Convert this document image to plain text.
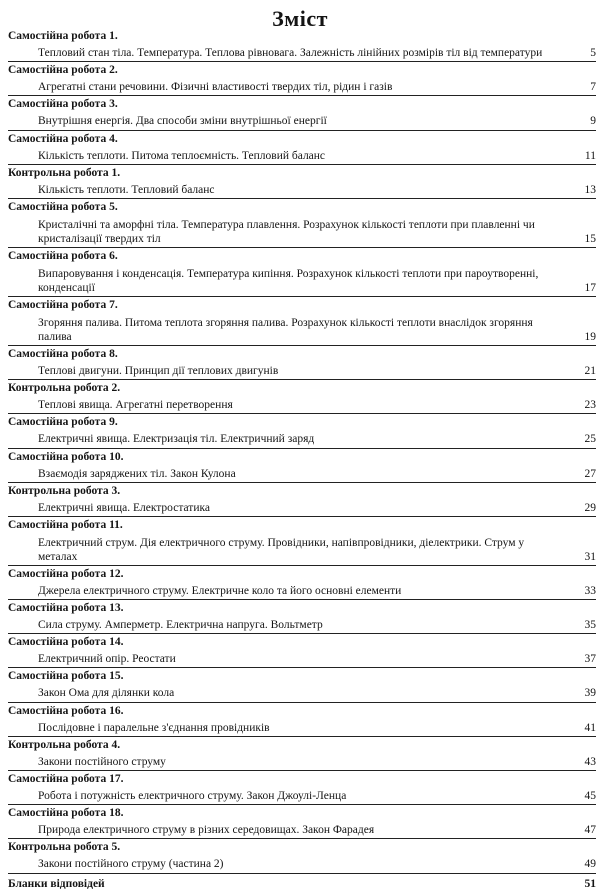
Зміст
Самостійна робота 1.
Тепловий стан тіла. Температура. Теплова рівновага. Залежність лінійних розмірів тіл від температури	5
Самостійна робота 2.
Агрегатні стани речовини. Фізичні властивості твердих тіл, рідин і газів	7
Самостійна робота 3.
Внутрішня енергія. Два способи зміни внутрішньої енергії	9
Самостійна робота 4.
Кількість теплоти. Питома теплоємність. Тепловий баланс	11
Контрольна робота 1.
Кількість теплоти. Тепловий баланс	13
Самостійна робота 5.
Кристалічні та аморфні тіла. Температура плавлення. Розрахунок кількості теплоти при плавленні чи кристалізації твердих тіл	15
Самостійна робота 6.
Випаровування і конденсація. Температура кипіння. Розрахунок кількості теплоти при пароутворенні, конденсації	17
Самостійна робота 7.
Згоряння палива. Питома теплота згоряння палива. Розрахунок кількості теплоти внаслідок згоряння палива	19
Самостійна робота 8.
Теплові двигуни. Принцип дії теплових двигунів	21
Контрольна робота 2.
Теплові явища. Агрегатні перетворення	23
Самостійна робота 9.
Електричні явища. Електризація тіл. Електричний заряд	25
Самостійна робота 10.
Взаємодія заряджених тіл. Закон Кулона	27
Контрольна робота 3.
Електричні явища. Електростатика	29
Самостійна робота 11.
Електричний струм. Дія електричного струму. Провідники, напівпровідники, діелектрики. Струм у металах	31
Самостійна робота 12.
Джерела електричного струму. Електричне коло та його основні елементи	33
Самостійна робота 13.
Сила струму. Амперметр. Електрична напруга. Вольтметр	35
Самостійна робота 14.
Електричний опір. Реостати	37
Самостійна робота 15.
Закон Ома для ділянки кола	39
Самостійна робота 16.
Послідовне і паралельне з'єднання провідників	41
Контрольна робота 4.
Закони постійного струму	43
Самостійна робота 17.
Робота і потужність електричного струму. Закон Джоулі-Ленца	45
Самостійна робота 18.
Природа електричного струму в різних середовищах. Закон Фарадея	47
Контрольна робота 5.
Закони постійного струму (частина 2)	49
Бланки відповідей	51
